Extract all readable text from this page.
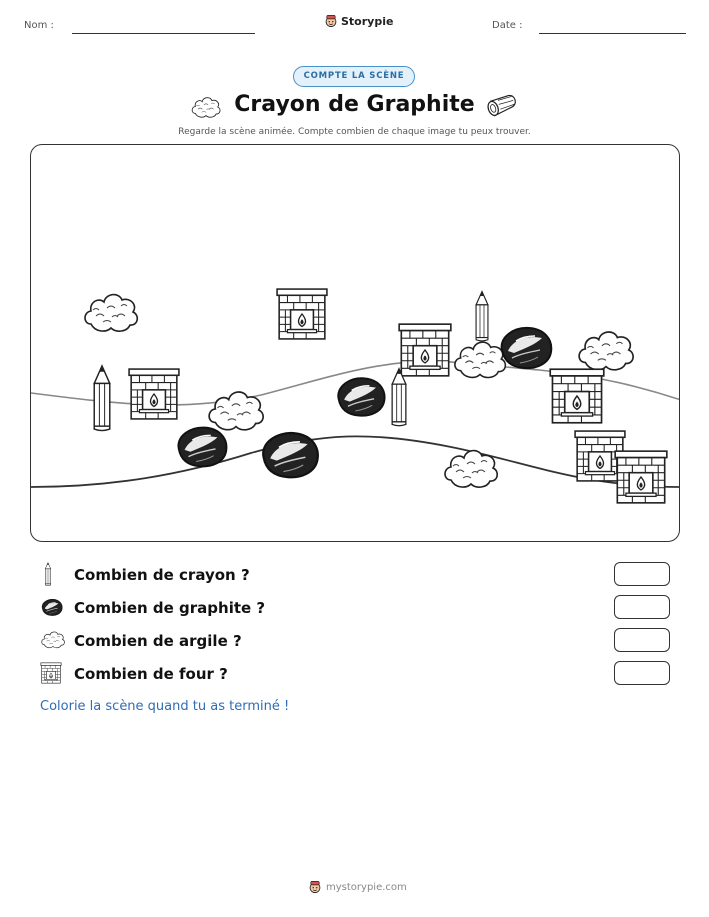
Nom :	Storypie	Date :
COMPTE LA SCÈNE
Crayon de Graphite
Regarde la scène animée. Compte combien de chaque image tu peux trouver.
Combien de crayon ?
Combien de graphite ?
Combien de argile ?
Combien de four ?
Colorie la scène quand tu as terminé !
mystorypie.com
